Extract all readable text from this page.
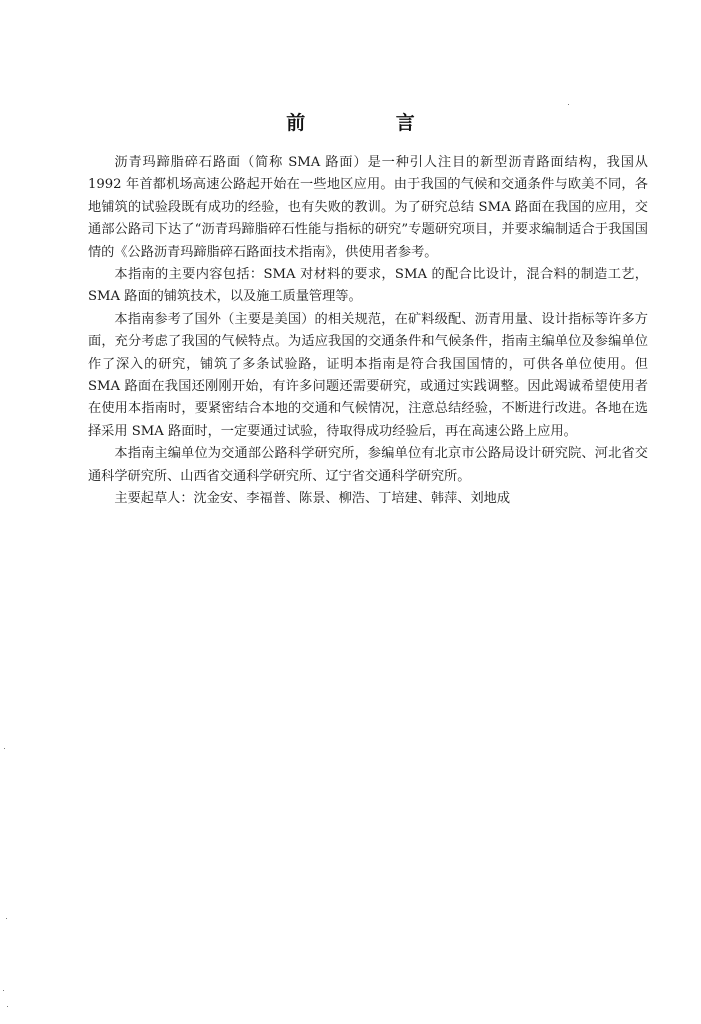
前 言

沥青玛蹄脂碎石路面（简称 SMA 路面）是一种引人注目的新型沥青路面结构，我国从1992 年首都机场高速公路起开始在一些地区应用。由于我国的气候和交通条件与欧美不同，各地铺筑的试验段既有成功的经验，也有失败的教训。为了研究总结 SMA 路面在我国的应用，交通部公路司下达了“沥青玛蹄脂碎石性能与指标的研究”专题研究项目，并要求编制适合于我国国情的《公路沥青玛蹄脂碎石路面技术指南》，供使用者参考。

本指南的主要内容包括：SMA 对材料的要求，SMA 的配合比设计，混合料的制造工艺，SMA 路面的铺筑技术，以及施工质量管理等。

本指南参考了国外（主要是美国）的相关规范，在矿料级配、沥青用量、设计指标等许多方面，充分考虑了我国的气候特点。为适应我国的交通条件和气候条件，指南主编单位及参编单位作了深入的研究，铺筑了多条试验路，证明本指南是符合我国国情的，可供各单位使用。但 SMA 路面在我国还刚刚开始，有许多问题还需要研究，或通过实践调整。因此竭诚希望使用者在使用本指南时，要紧密结合本地的交通和气候情况，注意总结经验，不断进行改进。各地在选择采用 SMA 路面时，一定要通过试验，待取得成功经验后，再在高速公路上应用。

本指南主编单位为交通部公路科学研究所，参编单位有北京市公路局设计研究院、河北省交通科学研究所、山西省交通科学研究所、辽宁省交通科学研究所。

主要起草人：沈金安、李福普、陈景、柳浩、丁培建、韩萍、刘地成
